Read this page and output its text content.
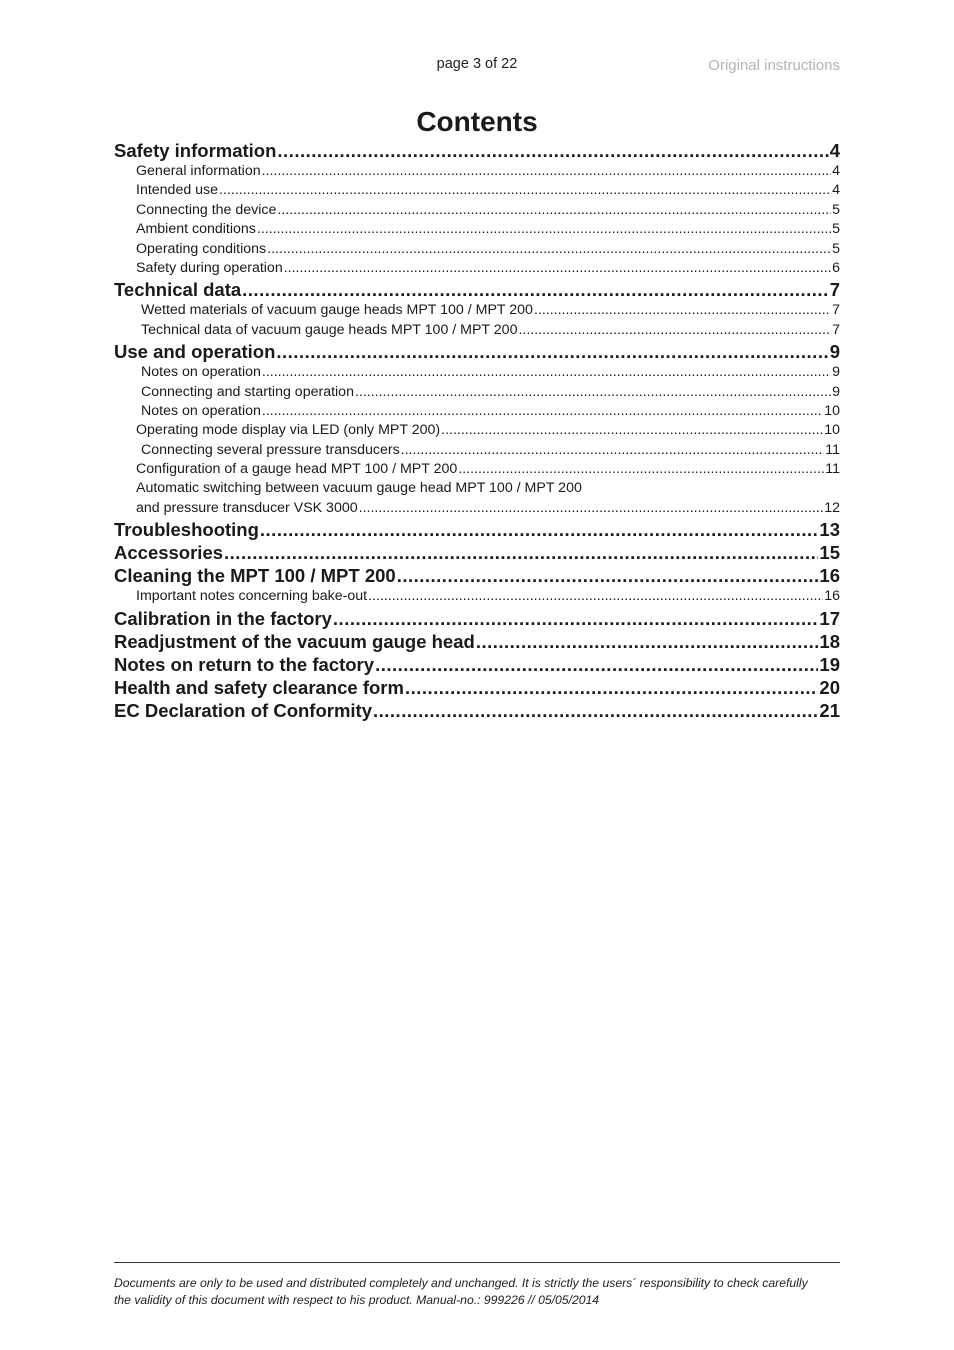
page 3 of 22	Original instructions
Contents
Safety information .....	4
General information .....	4
Intended use .....	4
Connecting the device .....	5
Ambient conditions .....	5
Operating conditions .....	5
Safety during operation .....	6
Technical data .....	7
Wetted materials of vacuum gauge heads MPT 100 / MPT 200 .....	7
Technical data of vacuum gauge heads MPT 100 / MPT 200 .....	7
Use and operation .....	9
Notes on operation .....	9
Connecting and starting operation .....	9
Notes on operation .....	10
Operating mode display via LED (only MPT 200) .....	10
Connecting several pressure transducers .....	11
Configuration of a gauge head MPT 100 / MPT 200 .....	11
Automatic switching between vacuum gauge head MPT 100 / MPT 200
and pressure transducer VSK 3000 .....	12
Troubleshooting .....	13
Accessories .....	15
Cleaning the MPT 100 / MPT 200 .....	16
Important notes concerning bake-out .....	16
Calibration in the factory .....	17
Readjustment of the vacuum gauge head .....	18
Notes on return to the factory .....	19
Health and safety clearance form .....	20
EC Declaration of Conformity .....	21
Documents are only to be used and distributed completely and unchanged. It is strictly the users´ responsibility to check carefully
the validity of this document with respect to his product. Manual-no.: 999226 // 05/05/2014
